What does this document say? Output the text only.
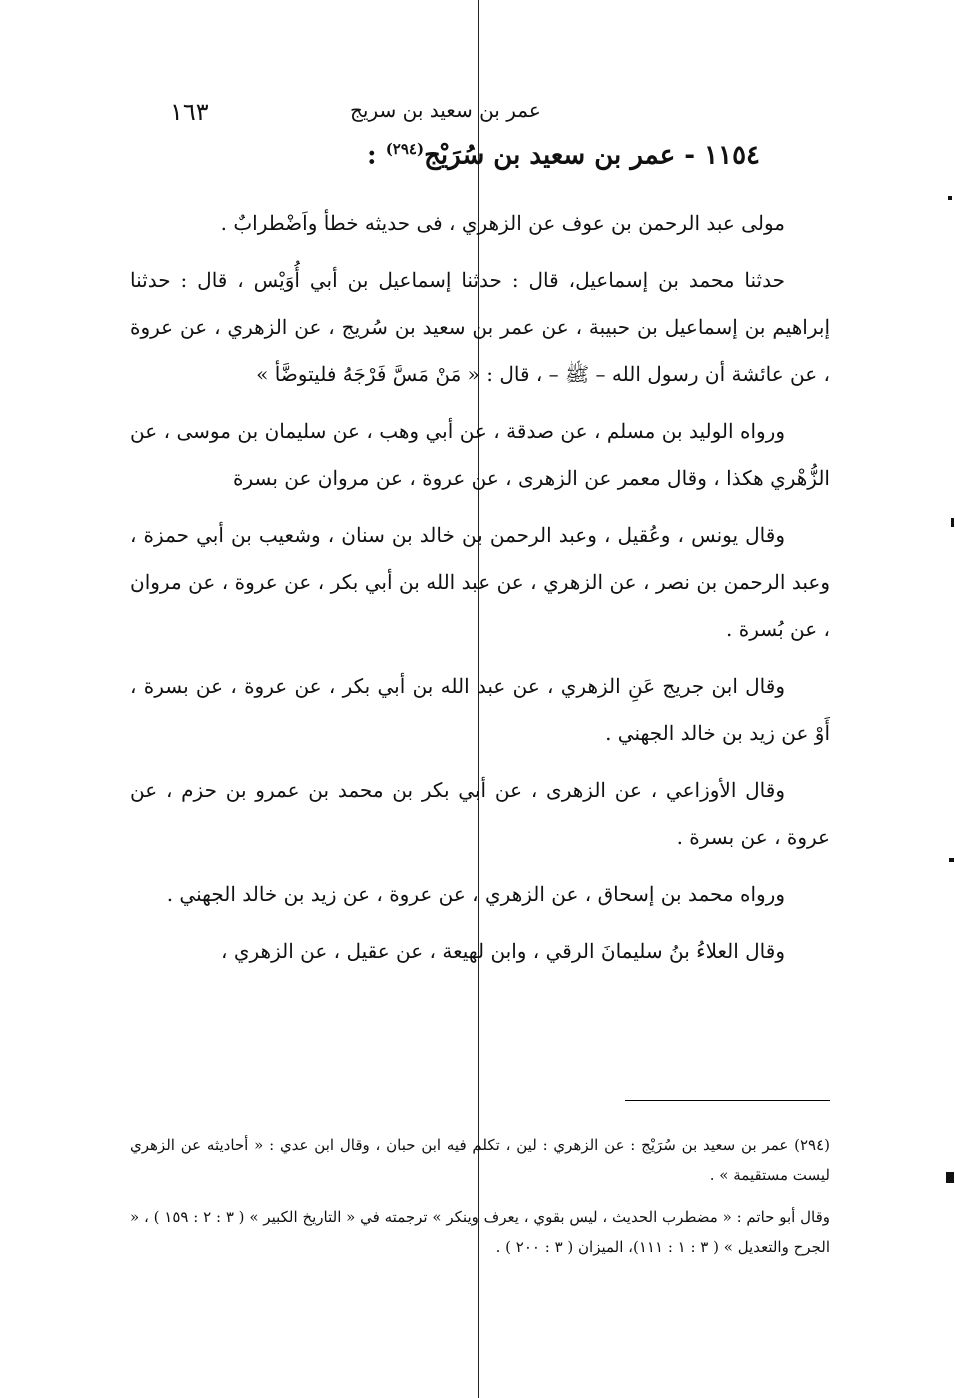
عمر بن سعيد بن سريج
١٦٣
١١٥٤ - عمر بن سعيد بن سُرَيْج$^{(٢٩٤)}$ :

مولى عبد الرحمن بن عوف عن الزهري ، فى حديثه خطأ واَضْطرابٌ .

حدثنا محمد بن إسماعيل، قال : حدثنا إسماعيل بن أبي أُوَيْس ، قال : حدثنا إبراهيم بن إسماعيل بن حبيبة ، عن عمر بن سعيد بن سُريج ، عن الزهري ، عن عروة ، عن عائشة أن رسول الله – ﷺ – ، قال : « مَنْ مَسَّ فَرْجَهُ فليتوضَّأ »

ورواه الوليد بن مسلم ، عن صدقة ، عن أبي وهب ، عن سليمان بن موسى ، عن الزُّهْري هكذا ، وقال معمر عن الزهرى ، عن عروة ، عن مروان عن بسرة

وقال يونس ، وعُقيل ، وعبد الرحمن بن خالد بن سنان ، وشعيب بن أبي حمزة ، وعبد الرحمن بن نصر ، عن الزهري ، عن عبد الله بن أبي بكر ، عن عروة ، عن مروان ، عن بُسرة .

وقال ابن جريج عَنِ الزهري ، عن عبد الله بن أبي بكر ، عن عروة ، عن بسرة ، أَوْ عن زيد بن خالد الجهني .

وقال الأوزاعي ، عن الزهرى ، عن أبي بكر بن محمد بن عمرو بن حزم ، عن عروة ، عن بسرة .

ورواه محمد بن إسحاق ، عن الزهري ، عن عروة ، عن زيد بن خالد الجهني .

وقال العلاءُ بنُ سليمانَ الرقي ، وابن لهيعة ، عن عقيل ، عن الزهري ،

(٢٩٤) عمر بن سعيد بن سُرَيْج : عن الزهري : لين ، تكلم فيه ابن حبان ، وقال ابن عدي : « أحاديثه عن الزهري ليست مستقيمة » .

وقال أبو حاتم : « مضطرب الحديث ، ليس بقوي ، يعرف وينكر » ترجمته في « التاريخ الكبير » ( ٣ : ٢ : ١٥٩ ) ، « الجرح والتعديل » ( ٣ : ١ : ١١١)، الميزان ( ٣ : ٢٠٠ ) .
